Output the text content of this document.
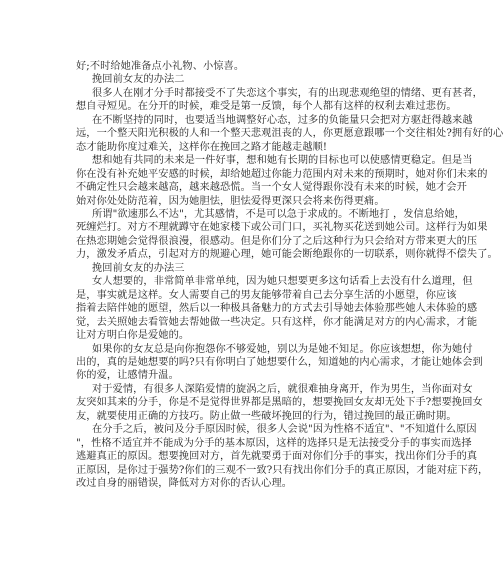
好;不时给她准备点小礼物、小惊喜。
挽回前女友的办法二
很多人在刚才分手时都接受不了失恋这个事实，有的出现悲观绝望的情绪、更有甚者，
想自寻短见。在分开的时候，难受是第一反馈，每个人都有这样的权利去难过悲伤。
在不断坚持的同时，也要适当地调整好心态，过多的负能量只会把对方驱赶得越来越
远，一个整天阳光积极的人和一个整天悲观沮丧的人，你更愿意跟哪一个交往相处?拥有好的心
态才能助你度过难关，这样你在挽回之路才能越走越顺!
想和她有共同的未来是一件好事，想和她有长期的目标也可以使感情更稳定。但是当
你在没有补充她平安感的时候，却给她超过你能力范围内对未来的预期时，她对你们未来的
不确定性只会越来越高，越来越恐慌。当一个女人觉得跟你没有未来的时候，她才会开
始对你处处防范着，因为她胆怯，胆怯爱得更深只会将来伤得更痛。
所谓"欲速那么不达"，尤其感情，不是可以急于求成的。不断地打 ，发信息给她，
死缠烂打。对方不理就蹲守在她家楼下或公司门口，买礼物买花送到她公司。这样行为如果
在热恋期她会觉得很浪漫，很感动。但是你们分了之后这种行为只会给对方带来更大的压
力，激发矛盾点，引起对方的规避心理，她可能会断绝跟你的一切联系，则你就得不偿失了。
挽回前女友的办法三
女人想要的，非常简单非常单纯，因为她只想要更多这句话看上去没有什么道理，但
是，事实就是这样。女人需要自己的男友能够带着自己去分享生活的小愿望，你应该
指着去陪伴她的愿望，然后以一种极具备魅力的方式去引导她去体验那些她人未体验的感
觉，去关照她去看管她去帮她做一些决定。只有这样，你才能满足对方的内心需求，才能
让对方明白你是爱她的。
如果你的女友总是向你抱怨你不够爱她，别以为是她不知足。你应该想想，你为她付
出的，真的是她想要的吗?只有你明白了她想要什么，知道她的内心需求，才能让她体会到
你的爱，让感情升温。
对于爱情，有很多人深陷爱情的旋涡之后，就很难抽身离开，作为男生，当你面对女
友突如其来的分手，你是不是觉得世界都是黑暗的，想要挽回女友却无处下手?想要挽回女
友，就要使用正确的方技巧。防止做一些破坏挽回的行为，错过挽回的最正确时期。
在分手之后，被问及分手原因时候，很多人会说"因为性格不适宜"、"不知道什么原因
"，性格不适宜并不能成为分手的基本原因，这样的选择只是无法接受分手的事实而选择
逃避真正的原因。想要挽回对方，首先就要勇于面对你们分手的事实，找出你们分手的真
正原因，是你过于强势?你们的三观不一致?只有找出你们分手的真正原因，才能对症下药，
改过自身的丽错误，降低对方对你的否认心理。
